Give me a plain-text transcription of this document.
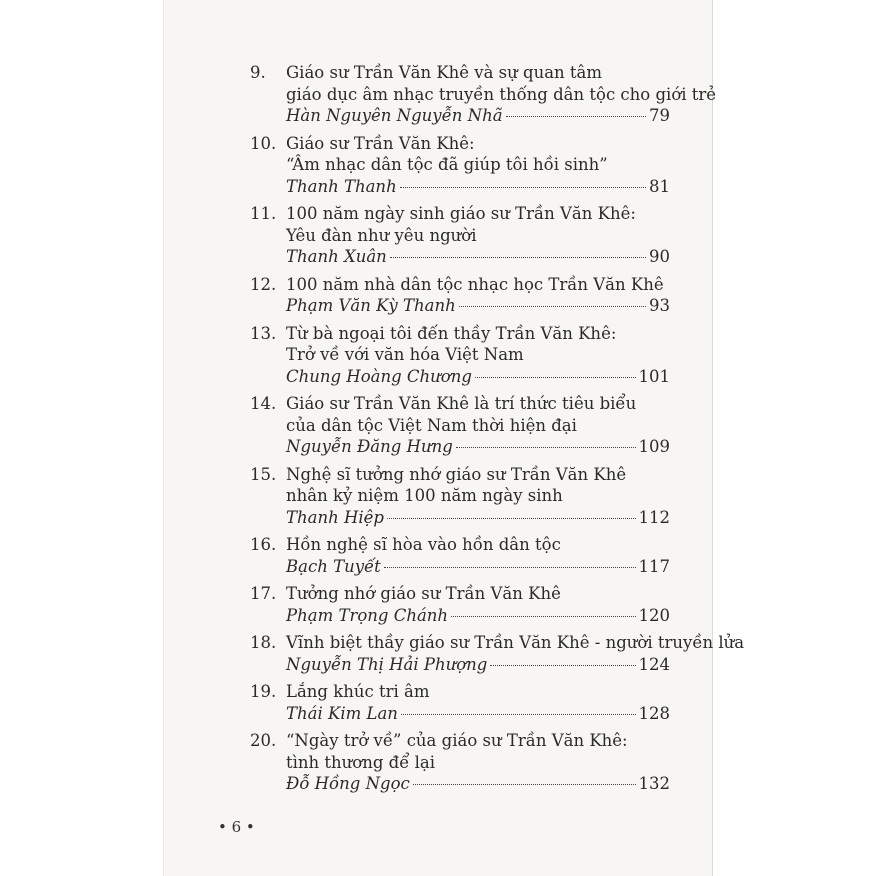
9.	Giáo sư Trần Văn Khê và sự quan tâm
giáo dục âm nhạc truyền thống dân tộc cho giới trẻ
Hàn Nguyên Nguyễn Nhã	79
10. Giáo sư Trần Văn Khê:
“Âm nhạc dân tộc đã giúp tôi hồi sinh”
Thanh Thanh	81
11. 100 năm ngày sinh giáo sư Trần Văn Khê:
Yêu đàn như yêu người
Thanh Xuân	90
12. 100 năm nhà dân tộc nhạc học Trần Văn Khê
Phạm Văn Kỳ Thanh	93
13. Từ bà ngoại tôi đến thầy Trần Văn Khê:
Trở về với văn hóa Việt Nam
Chung Hoàng Chương	101
14. Giáo sư Trần Văn Khê là trí thức tiêu biểu
của dân tộc Việt Nam thời hiện đại
Nguyễn Đăng Hưng	109
15. Nghệ sĩ tưởng nhớ giáo sư Trần Văn Khê
nhân kỷ niệm 100 năm ngày sinh
Thanh Hiệp	112
16. Hồn nghệ sĩ hòa vào hồn dân tộc
Bạch Tuyết	117
17. Tưởng nhớ giáo sư Trần Văn Khê
Phạm Trọng Chánh	120
18. Vĩnh biệt thầy giáo sư Trần Văn Khê - người truyền lửa
Nguyễn Thị Hải Phượng	124
19. Lắng khúc tri âm
Thái Kim Lan	128
20. “Ngày trở về” của giáo sư Trần Văn Khê:
tình thương để lại
Đỗ Hồng Ngọc	132
• 6 •
